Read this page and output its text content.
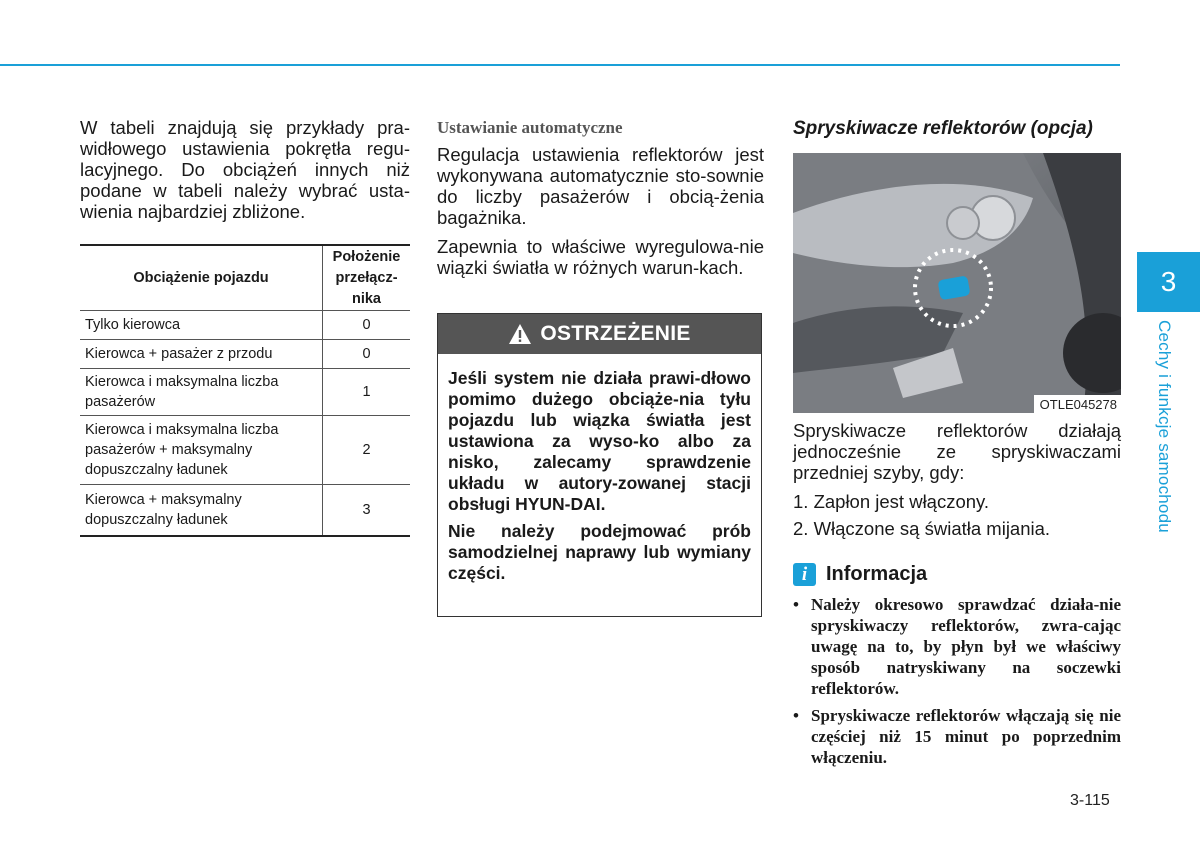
W tabeli znajdują się przykłady pra-widłowego ustawienia pokrętła regu-lacyjnego. Do obciążeń innych niż podane w tabeli należy wybrać usta-wienia najbardziej zbliżone.

Obciążenie pojazdu	Położenie przełącz-nika
Tylko kierowca	0
Kierowca + pasażer z przodu	0
Kierowca i maksymalna liczba pasażerów	1
Kierowca i maksymalna liczba pasażerów + maksymalny dopuszczalny ładunek	2
Kierowca + maksymalny dopuszczalny ładunek	3
Ustawianie automatyczne

Regulacja ustawienia reflektorów jest wykonywana automatycznie sto-sownie do liczby pasażerów i obcią-żenia bagażnika.

Zapewnia to właściwe wyregulowa-nie wiązki światła w różnych warun-kach.

OSTRZEŻENIE

Jeśli system nie działa prawi-dłowo pomimo dużego obciąże-nia tyłu pojazdu lub wiązka światła jest ustawiona za wyso-ko albo za nisko, zalecamy sprawdzenie układu w autory-zowanej stacji obsługi HYUN-DAI.

Nie należy podejmować prób samodzielnej naprawy lub wymiany części.

Spryskiwacze reflektorów (opcja)
OTLE045278

Spryskiwacze reflektorów działają jednocześnie ze spryskiwaczami przedniej szyby, gdy:

1. Zapłon jest włączony.
2. Włączone są światła mijania.
i Informacja
• Należy okresowo sprawdzać działa-nie spryskiwaczy reflektorów, zwra-cając uwagę na to, by płyn był we właściwy sposób natryskiwany na soczewki reflektorów.
• Spryskiwacze reflektorów włączają się nie częściej niż 15 minut po poprzednim włączeniu.
3
Cechy i funkcje samochodu
3-115
